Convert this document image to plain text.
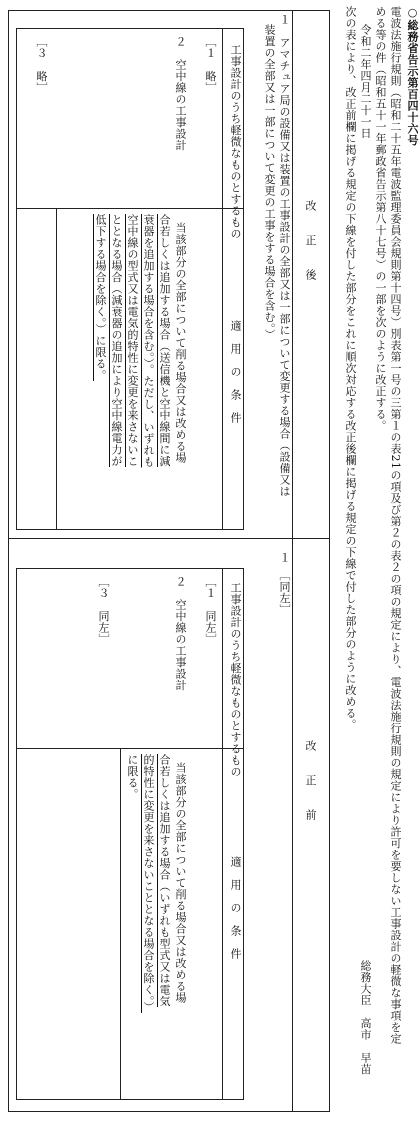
○総務省告示第百四十六号
電波法施行規則（昭和二十五年電波監理委員会規則第十四号）別表第一号の三第１の表21の項及び第２の表２の項の規定により、電波法施行規則の規定により許可を要しない工事設計の軽微な事項を定
める等の件（昭和五十一年郵政省告示第八十七号）の一部を次のように改正する。
令和二年四月二十一日
総務大臣　高市　早苗
次の表により、改正前欄に掲げる規定の下線を付した部分をこれに順次対応する改正後欄に掲げる規定の下線で付した部分のように改める。
改　　正　　後
改　　正　　前
１　アマチュア局の設備又は装置の工事設計の全部又は一部について変更する場合（設備又は
装置の全部又は一部について変更の工事をする場合を含む。）
工事設計のうち軽微なものとするもの
適　用　の　条　件
［１　略］
２　空中線の工事設計
当該部分の全部について削る場合又は改める場
合若しくは追加する場合（送信機と空中線間に減
衰器を追加する場合を含む。）。ただし、いずれも
空中線の型式又は電気的特性に変更を来さないこ
ととなる場合（減衰器の追加により空中線電力が
低下する場合を除く。）に限る。
［３　略］
１　［同左］
工事設計のうち軽微なものとするもの
適　用　の　条　件
［１　同左］
２　空中線の工事設計
当該部分の全部について削る場合又は改める場
合若しくは追加する場合（いずれも型式又は電気
的特性に変更を来さないこととなる場合を除く。）
に限る。
［３　同左］
